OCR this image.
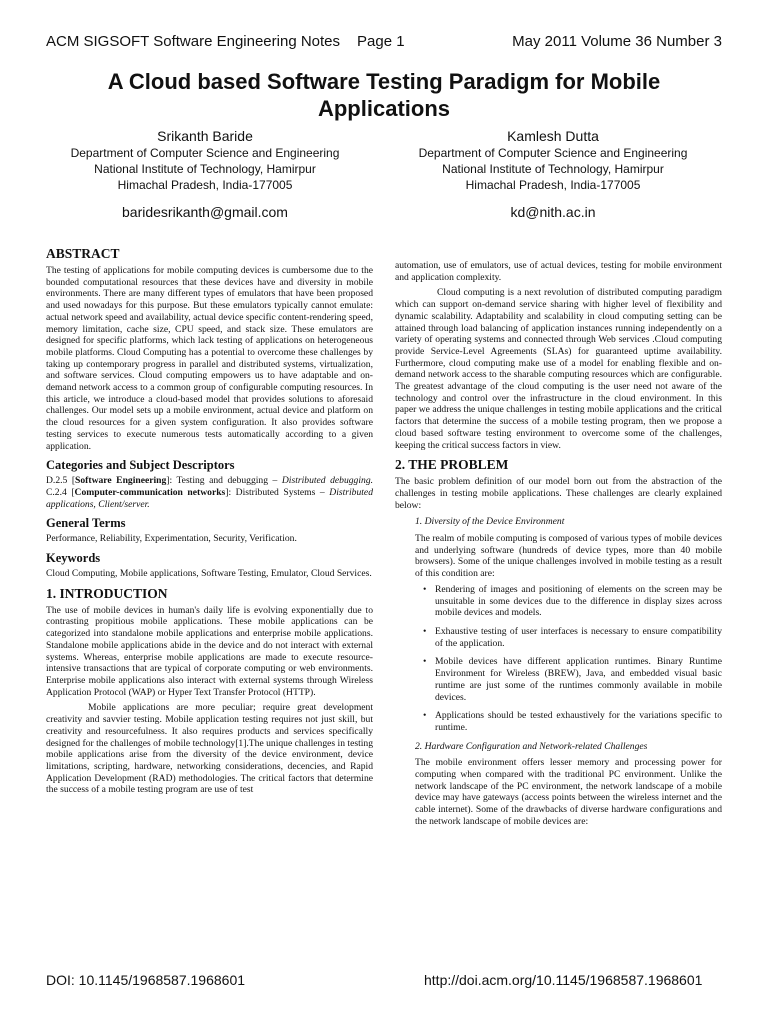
ACM SIGSOFT Software Engineering Notes Page 1	May 2011 Volume 36 Number 3
A Cloud based Software Testing Paradigm for Mobile Applications
Srikanth Baride
Department of Computer Science and Engineering
National Institute of Technology, Hamirpur
Himachal Pradesh, India-177005
baridesrikanth@gmail.com
Kamlesh Dutta
Department of Computer Science and Engineering
National Institute of Technology, Hamirpur
Himachal Pradesh, India-177005
kd@nith.ac.in
ABSTRACT

The testing of applications for mobile computing devices is cumbersome due to the bounded computational resources that these devices have and diversity in mobile environments. There are many different types of emulators that have been proposed and used nowadays for this purpose. But these emulators typically cannot emulate: actual network speed and availability, actual device specific content-rendering speed, memory limitation, cache size, CPU speed, and stack size. These emulators are designed for specific platforms, which lack testing of applications on heterogeneous mobile platforms. Cloud Computing has a potential to overcome these challenges by taking up contemporary progress in parallel and distributed systems, virtualization, and software services. Cloud computing empowers us to have adaptable and on-demand network access to a common group of configurable computing resources. In this article, we introduce a cloud-based model that provides solutions to aforesaid challenges. Our model sets up a mobile environment, actual device and platform on the cloud resources for a given system configuration. It also provides software testing services to execute numerous tests automatically according to a given application.

Categories and Subject Descriptors

D.2.5 [Software Engineering]: Testing and debugging – Distributed debugging. C.2.4 [Computer-communication networks]: Distributed Systems – Distributed applications, Client/server.

General Terms

Performance, Reliability, Experimentation, Security, Verification.

Keywords

Cloud Computing, Mobile applications, Software Testing, Emulator, Cloud Services.

1. INTRODUCTION

The use of mobile devices in human's daily life is evolving exponentially due to contrasting propitious mobile applications. These mobile applications can be categorized into standalone mobile applications and enterprise mobile applications. Standalone mobile applications abide in the device and do not interact with external systems. Whereas, enterprise mobile applications are made to execute resource-intensive transactions that are typical of corporate computing or web environments. Enterprise mobile applications also interact with external systems through Wireless Application Protocol (WAP) or Hyper Text Transfer Protocol (HTTP).

Mobile applications are more peculiar; require great development creativity and savvier testing. Mobile application testing requires not just skill, but creativity and resourcefulness. It also requires products and services specifically designed for the challenges of mobile technology[1].The unique challenges in testing mobile applications arise from the diversity of the device environment, device limitations, scripting, hardware, networking considerations, decencies, and Rapid Application Development (RAD) methodologies. The critical factors that determine the success of a mobile testing program are use of test

automation, use of emulators, use of actual devices, testing for mobile environment and application complexity.

Cloud computing is a next revolution of distributed computing paradigm which can support on-demand service sharing with higher level of flexibility and dynamic scalability. Adaptability and scalability in cloud computing setting can be attained through load balancing of application instances running independently on a variety of operating systems and connected through Web services .Cloud computing provide Service-Level Agreements (SLAs) for guaranteed uptime availability. Furthermore, cloud computing make use of a model for enabling flexible and on-demand network access to the sharable computing resources which are configurable. The greatest advantage of the cloud computing is the user need not aware of the technology and control over the infrastructure in the cloud environment. In this paper we address the unique challenges in testing mobile applications and the critical factors that determine the success of a mobile testing program, then we propose a cloud based software testing environment to overcome some of the challenges, keeping the critical success factors in view.

2. THE PROBLEM

The basic problem definition of our model born out from the abstraction of the challenges in testing mobile applications. These challenges are clearly explained below:

1. Diversity of the Device Environment

The realm of mobile computing is composed of various types of mobile devices and underlying software (hundreds of device types, more than 40 mobile browsers). Some of the unique challenges involved in mobile testing as a result of this condition are:

• Rendering of images and positioning of elements on the screen may be unsuitable in some devices due to the difference in display sizes across mobile devices and models.
• Exhaustive testing of user interfaces is necessary to ensure compatibility of the application.
• Mobile devices have different application runtimes. Binary Runtime Environment for Wireless (BREW), Java, and embedded visual basic runtime are just some of the runtimes commonly available in mobile devices.
• Applications should be tested exhaustively for the variations specific to runtime.
2. Hardware Configuration and Network-related Challenges

The mobile environment offers lesser memory and processing power for computing when compared with the traditional PC environment. Unlike the network landscape of the PC environment, the network landscape of a mobile device may have gateways (access points between the wireless internet and the cable internet). Some of the drawbacks of diverse hardware configurations and the network landscape of mobile devices are:

DOI: 10.1145/1968587.1968601	http://doi.acm.org/10.1145/1968587.1968601
